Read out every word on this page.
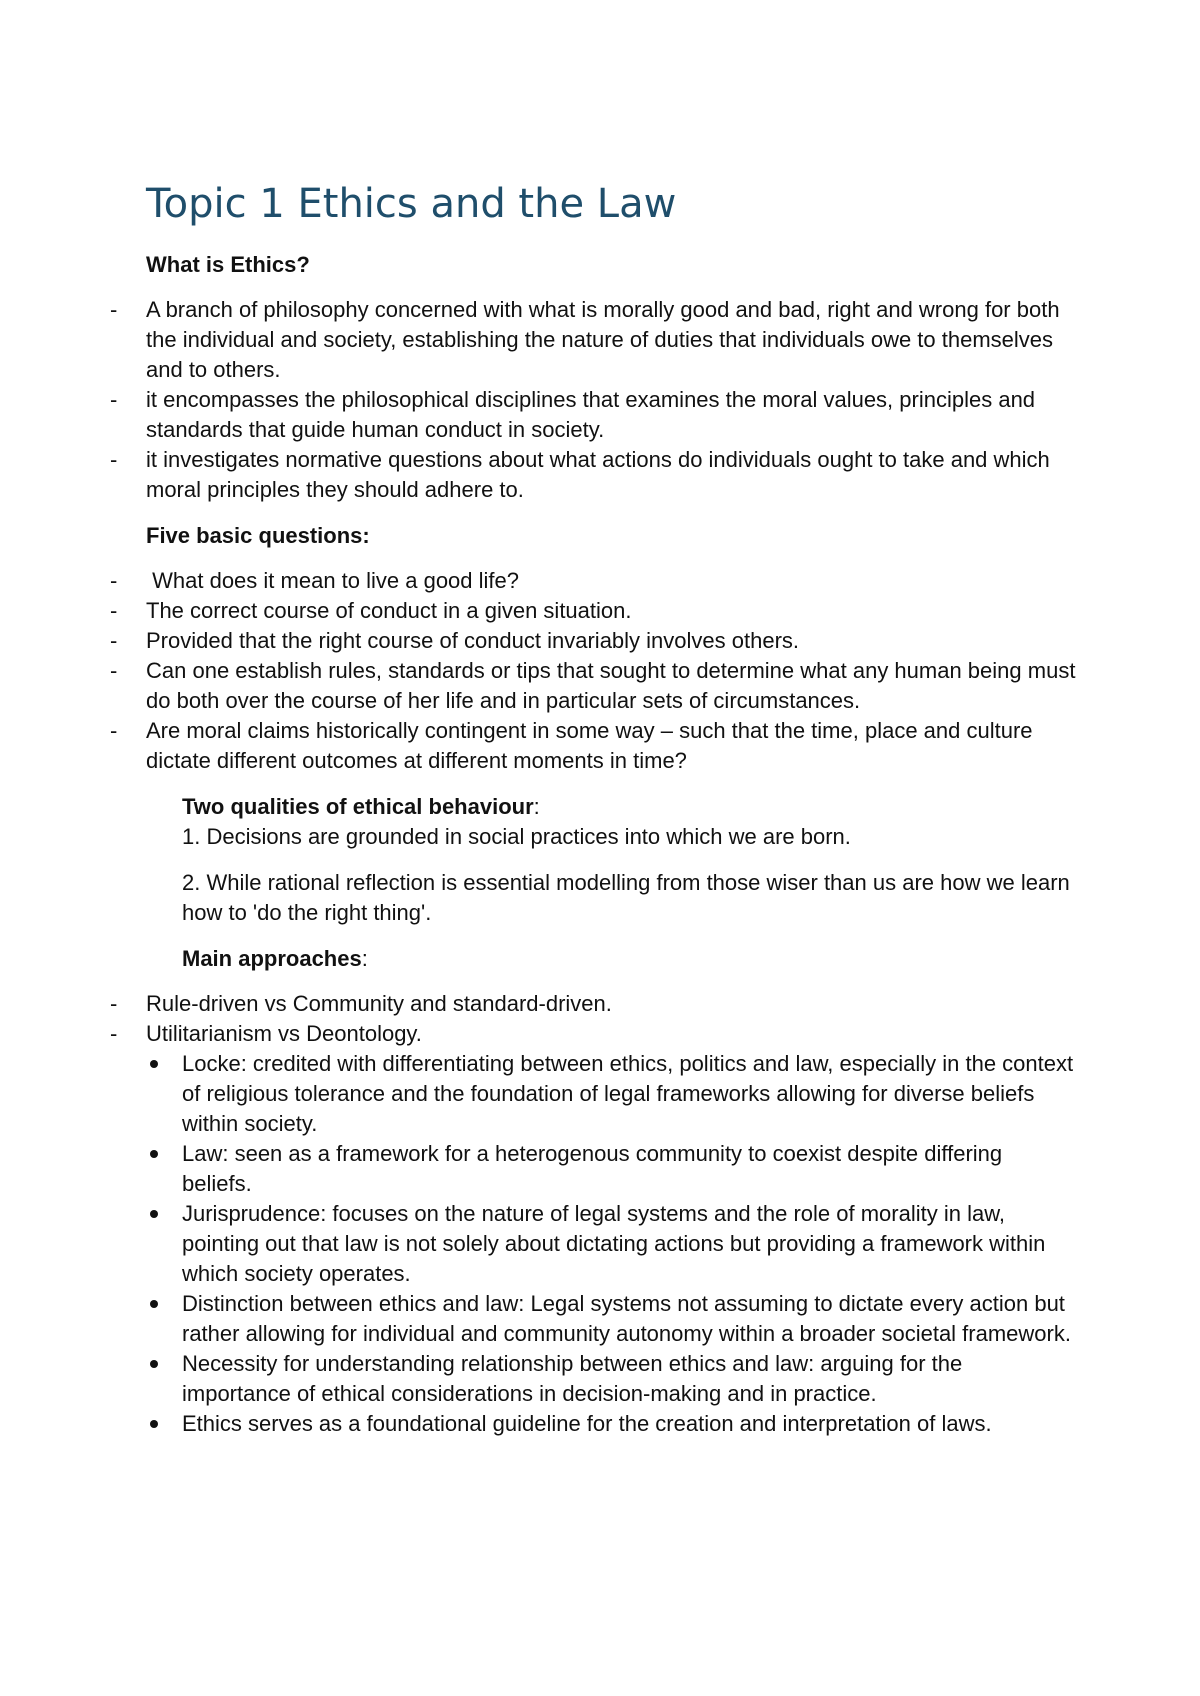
Topic 1 Ethics and the Law
What is Ethics?
- A branch of philosophy concerned with what is morally good and bad, right and wrong for both the individual and society, establishing the nature of duties that individuals owe to themselves and to others.
- it encompasses the philosophical disciplines that examines the moral values, principles and standards that guide human conduct in society.
- it investigates normative questions about what actions do individuals ought to take and which moral principles they should adhere to.
Five basic questions:
-  What does it mean to live a good life?
- The correct course of conduct in a given situation.
- Provided that the right course of conduct invariably involves others.
- Can one establish rules, standards or tips that sought to determine what any human being must do both over the course of her life and in particular sets of circumstances.
- Are moral claims historically contingent in some way – such that the time, place and culture dictate different outcomes at different moments in time?
Two qualities of ethical behaviour:

1. Decisions are grounded in social practices into which we are born.

2. While rational reflection is essential modelling from those wiser than us are how we learn how to 'do the right thing'.

Main approaches:
- Rule-driven vs Community and standard-driven.
- Utilitarianism vs Deontology.
Locke: credited with differentiating between ethics, politics and law, especially in the context of religious tolerance and the foundation of legal frameworks allowing for diverse beliefs within society.
Law: seen as a framework for a heterogenous community to coexist despite differing beliefs.
Jurisprudence: focuses on the nature of legal systems and the role of morality in law, pointing out that law is not solely about dictating actions but providing a framework within which society operates.
Distinction between ethics and law: Legal systems not assuming to dictate every action but rather allowing for individual and community autonomy within a broader societal framework.
Necessity for understanding relationship between ethics and law: arguing for the importance of ethical considerations in decision-making and in practice.
Ethics serves as a foundational guideline for the creation and interpretation of laws.
